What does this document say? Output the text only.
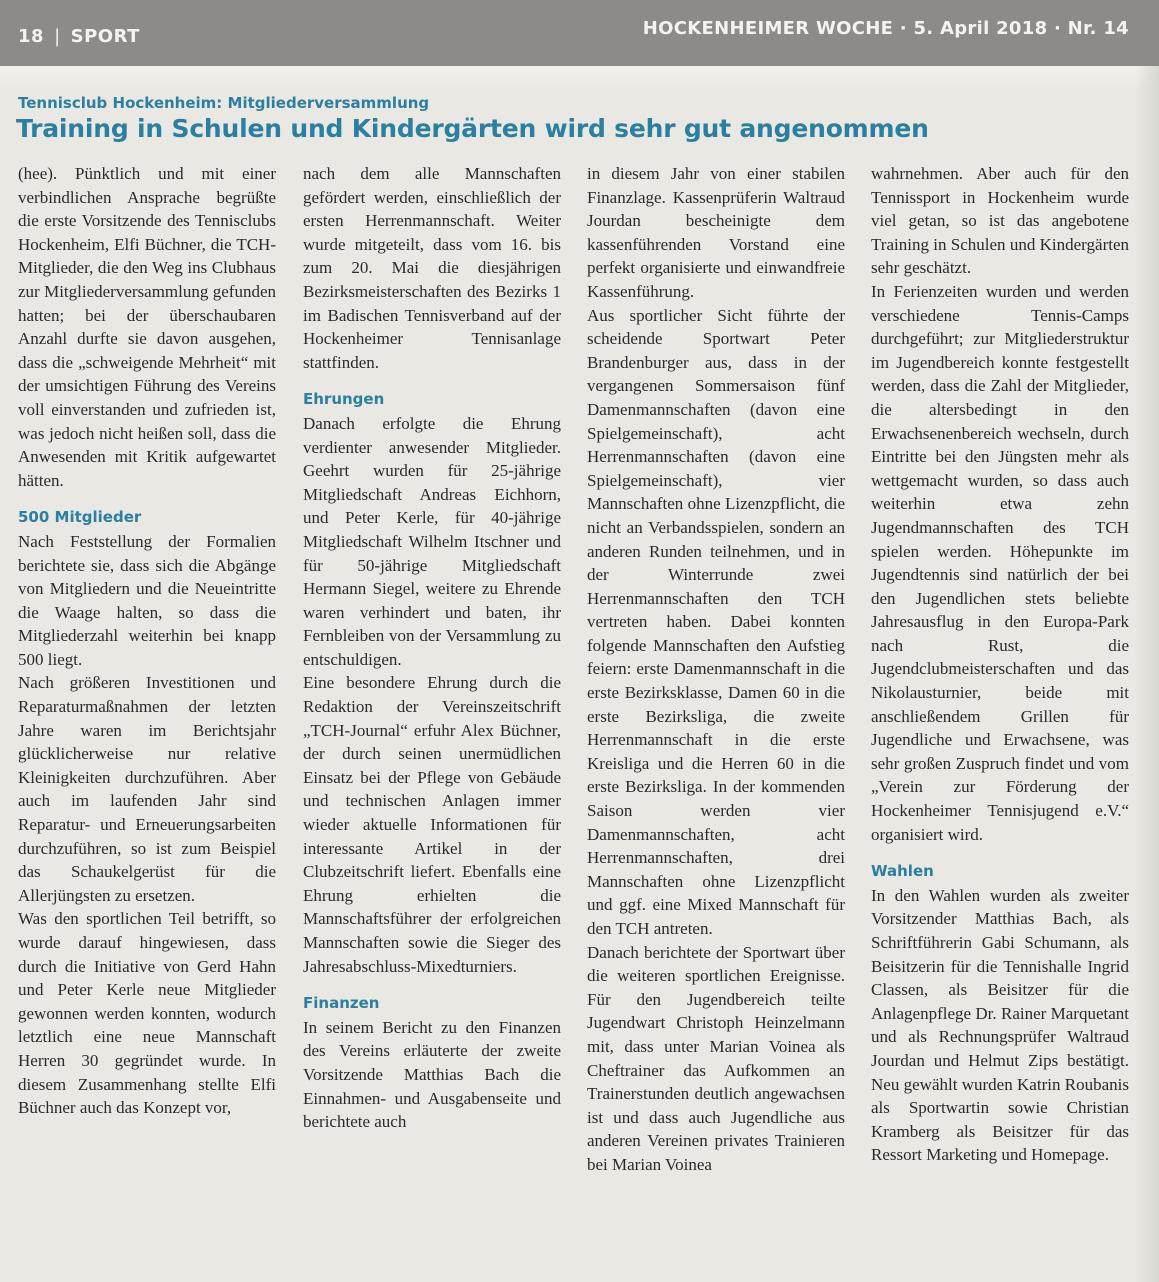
18 | SPORT	HOCKENHEIMER WOCHE · 5. April 2018 · Nr. 14
Tennisclub Hockenheim: Mitgliederversammlung
Training in Schulen und Kindergärten wird sehr gut angenommen

(hee). Pünktlich und mit einer verbindlichen Ansprache begrüßte die erste Vorsitzende des Tennisclubs Hockenheim, Elfi Büchner, die TCH-Mitglieder, die den Weg ins Clubhaus zur Mitgliederversammlung gefunden hatten; bei der überschaubaren Anzahl durfte sie davon ausgehen, dass die „schweigende Mehrheit“ mit der umsichtigen Führung des Vereins voll einverstanden und zufrieden ist, was jedoch nicht heißen soll, dass die Anwesenden mit Kritik aufgewartet hätten.

500 Mitglieder

Nach Feststellung der Formalien berichtete sie, dass sich die Abgänge von Mitgliedern und die Neueintritte die Waage halten, so dass die Mitgliederzahl weiterhin bei knapp 500 liegt.

Nach größeren Investitionen und Reparaturmaßnahmen der letzten Jahre waren im Berichtsjahr glücklicherweise nur relative Kleinigkeiten durchzuführen. Aber auch im laufenden Jahr sind Reparatur- und Erneuerungsarbeiten durchzuführen, so ist zum Beispiel das Schaukelgerüst für die Allerjüngsten zu ersetzen.

Was den sportlichen Teil betrifft, so wurde darauf hingewiesen, dass durch die Initiative von Gerd Hahn und Peter Kerle neue Mitglieder gewonnen werden konnten, wodurch letztlich eine neue Mannschaft Herren 30 gegründet wurde. In diesem Zusammenhang stellte Elfi Büchner auch das Konzept vor,

nach dem alle Mannschaften gefördert werden, einschließlich der ersten Herrenmannschaft. Weiter wurde mitgeteilt, dass vom 16. bis zum 20. Mai die diesjährigen Bezirksmeisterschaften des Bezirks 1 im Badischen Tennisverband auf der Hockenheimer Tennisanlage stattfinden.

Ehrungen

Danach erfolgte die Ehrung verdienter anwesender Mitglieder. Geehrt wurden für 25-jährige Mitgliedschaft Andreas Eichhorn, und Peter Kerle, für 40-jährige Mitgliedschaft Wilhelm Itschner und für 50-jährige Mitgliedschaft Hermann Siegel, weitere zu Ehrende waren verhindert und baten, ihr Fernbleiben von der Versammlung zu entschuldigen.

Eine besondere Ehrung durch die Redaktion der Vereinszeitschrift „TCH-Journal“ erfuhr Alex Büchner, der durch seinen unermüdlichen Einsatz bei der Pflege von Gebäude und technischen Anlagen immer wieder aktuelle Informationen für interessante Artikel in der Clubzeitschrift liefert. Ebenfalls eine Ehrung erhielten die Mannschaftsführer der erfolgreichen Mannschaften sowie die Sieger des Jahresabschluss-Mixedturniers.

Finanzen

In seinem Bericht zu den Finanzen des Vereins erläuterte der zweite Vorsitzende Matthias Bach die Einnahmen- und Ausgabenseite und berichtete auch

in diesem Jahr von einer stabilen Finanzlage. Kassenprüferin Waltraud Jourdan bescheinigte dem kassenführenden Vorstand eine perfekt organisierte und einwandfreie Kassenführung.

Aus sportlicher Sicht führte der scheidende Sportwart Peter Brandenburger aus, dass in der vergangenen Sommersaison fünf Damenmannschaften (davon eine Spielgemeinschaft), acht Herrenmannschaften (davon eine Spielgemeinschaft), vier Mannschaften ohne Lizenzpflicht, die nicht an Verbandsspielen, sondern an anderen Runden teilnehmen, und in der Winterrunde zwei Herrenmannschaften den TCH vertreten haben. Dabei konnten folgende Mannschaften den Aufstieg feiern: erste Damenmannschaft in die erste Bezirksklasse, Damen 60 in die erste Bezirksliga, die zweite Herrenmannschaft in die erste Kreisliga und die Herren 60 in die erste Bezirksliga. In der kommenden Saison werden vier Damenmannschaften, acht Herrenmannschaften, drei Mannschaften ohne Lizenzpflicht und ggf. eine Mixed Mannschaft für den TCH antreten.

Danach berichtete der Sportwart über die weiteren sportlichen Ereignisse. Für den Jugendbereich teilte Jugendwart Christoph Heinzelmann mit, dass unter Marian Voinea als Cheftrainer das Aufkommen an Trainerstunden deutlich angewachsen ist und dass auch Jugendliche aus anderen Vereinen privates Trainieren bei Marian Voinea

wahrnehmen. Aber auch für den Tennissport in Hockenheim wurde viel getan, so ist das angebotene Training in Schulen und Kindergärten sehr geschätzt.

In Ferienzeiten wurden und werden verschiedene Tennis-Camps durchgeführt; zur Mitgliederstruktur im Jugendbereich konnte festgestellt werden, dass die Zahl der Mitglieder, die altersbedingt in den Erwachsenenbereich wechseln, durch Eintritte bei den Jüngsten mehr als wettgemacht wurden, so dass auch weiterhin etwa zehn Jugendmannschaften des TCH spielen werden. Höhepunkte im Jugendtennis sind natürlich der bei den Jugendlichen stets beliebte Jahresausflug in den Europa-Park nach Rust, die Jugendclubmeisterschaften und das Nikolausturnier, beide mit anschließendem Grillen für Jugendliche und Erwachsene, was sehr großen Zuspruch findet und vom „Verein zur Förderung der Hockenheimer Tennisjugend e.V.“ organisiert wird.

Wahlen

In den Wahlen wurden als zweiter Vorsitzender Matthias Bach, als Schriftführerin Gabi Schumann, als Beisitzerin für die Tennishalle Ingrid Classen, als Beisitzer für die Anlagenpflege Dr. Rainer Marquetant und als Rechnungsprüfer Waltraud Jourdan und Helmut Zips bestätigt. Neu gewählt wurden Katrin Roubanis als Sportwartin sowie Christian Kramberg als Beisitzer für das Ressort Marketing und Homepage.
